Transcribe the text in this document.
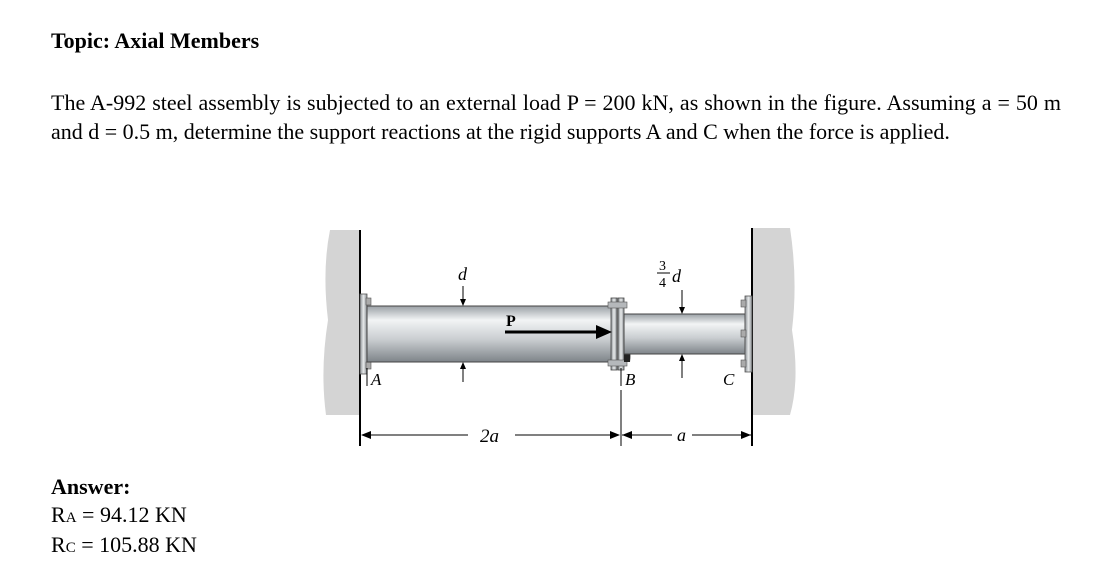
Topic: Axial Members
The A-992 steel assembly is subjected to an external load P = 200 kN, as shown in the figure. Assuming a = 50 m and d = 0.5 m, determine the support reactions at the rigid supports A and C when the force is applied.
P
d	3
4 d
A	B	C
2a	a
Answer:
RA = 94.12 KN
RC = 105.88 KN
